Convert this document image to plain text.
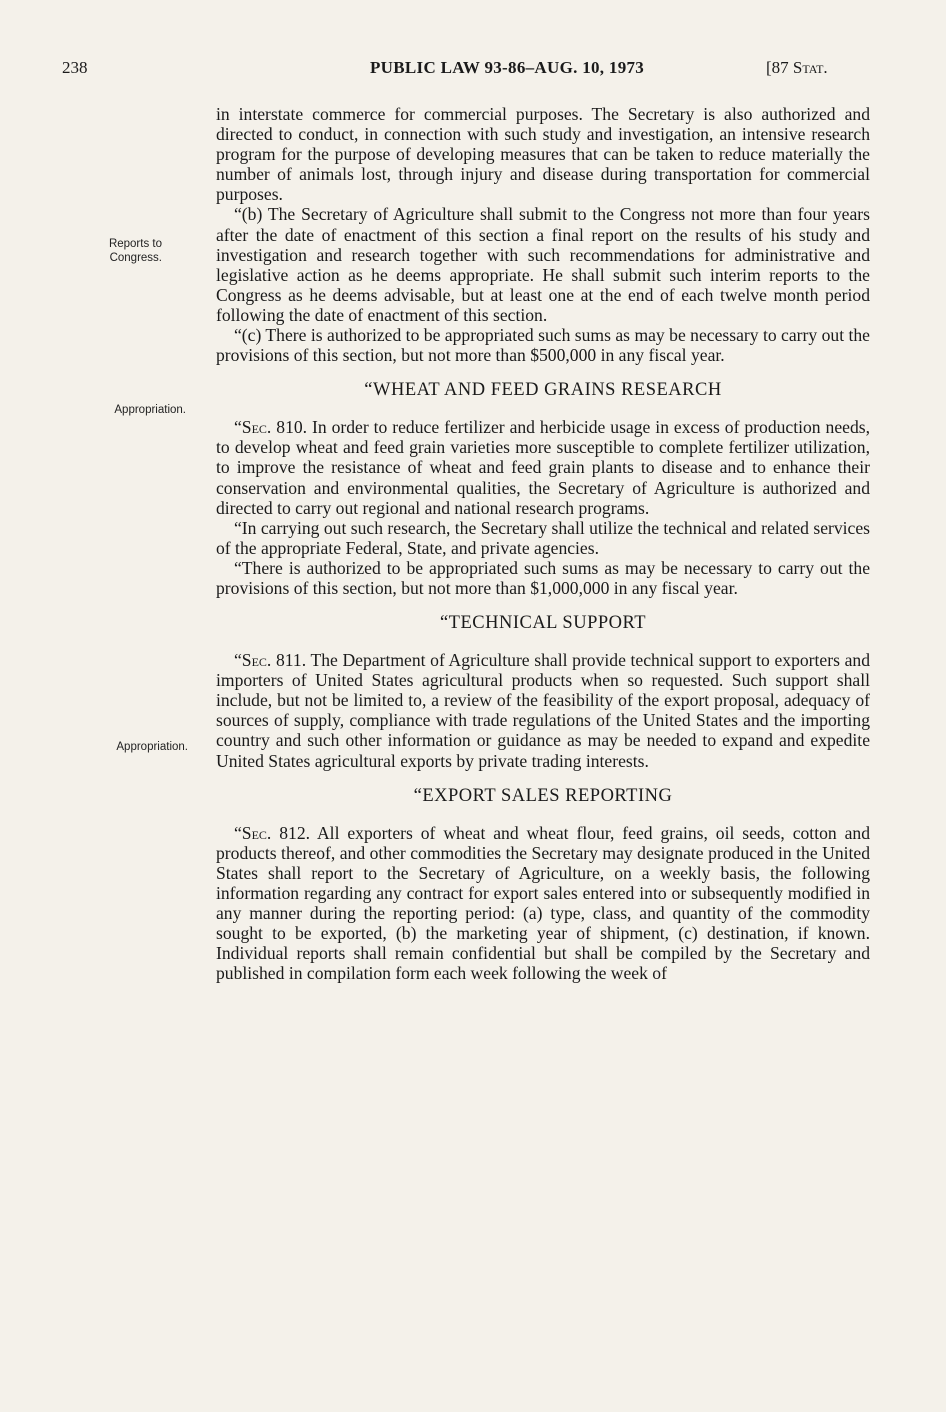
238	PUBLIC LAW 93-86–AUG. 10, 1973	[87 Stat.
Reports to Congress.
Appropriation.
Appropriation.

in interstate commerce for commercial purposes. The Secretary is also authorized and directed to conduct, in connection with such study and investigation, an intensive research program for the purpose of developing measures that can be taken to reduce materially the number of animals lost, through injury and disease during transportation for commercial purposes.

“(b) The Secretary of Agriculture shall submit to the Congress not more than four years after the date of enactment of this section a final report on the results of his study and investigation and research together with such recommendations for administrative and legislative action as he deems appropriate. He shall submit such interim reports to the Congress as he deems advisable, but at least one at the end of each twelve month period following the date of enactment of this section.

“(c) There is authorized to be appropriated such sums as may be necessary to carry out the provisions of this section, but not more than $500,000 in any fiscal year.

“WHEAT AND FEED GRAINS RESEARCH

“Sec. 810. In order to reduce fertilizer and herbicide usage in excess of production needs, to develop wheat and feed grain varieties more susceptible to complete fertilizer utilization, to improve the resistance of wheat and feed grain plants to disease and to enhance their conservation and environmental qualities, the Secretary of Agriculture is authorized and directed to carry out regional and national research programs.

“In carrying out such research, the Secretary shall utilize the technical and related services of the appropriate Federal, State, and private agencies.

“There is authorized to be appropriated such sums as may be necessary to carry out the provisions of this section, but not more than $1,000,000 in any fiscal year.

“TECHNICAL SUPPORT

“Sec. 811. The Department of Agriculture shall provide technical support to exporters and importers of United States agricultural products when so requested. Such support shall include, but not be limited to, a review of the feasibility of the export proposal, adequacy of sources of supply, compliance with trade regulations of the United States and the importing country and such other information or guidance as may be needed to expand and expedite United States agricultural exports by private trading interests.

“EXPORT SALES REPORTING

“Sec. 812. All exporters of wheat and wheat flour, feed grains, oil seeds, cotton and products thereof, and other commodities the Secretary may designate produced in the United States shall report to the Secretary of Agriculture, on a weekly basis, the following information regarding any contract for export sales entered into or subsequently modified in any manner during the reporting period: (a) type, class, and quantity of the commodity sought to be exported, (b) the marketing year of shipment, (c) destination, if known. Individual reports shall remain confidential but shall be compiled by the Secretary and published in compilation form each week following the week of
